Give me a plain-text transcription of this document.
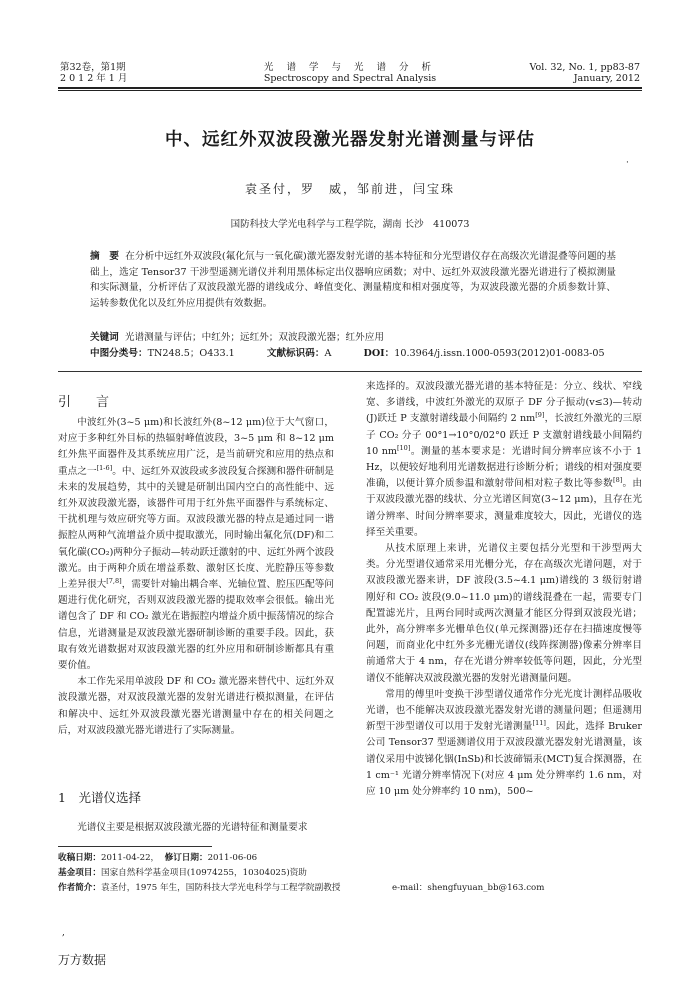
第32卷，第1期
2 0 1 2 年 1 月
光 谱 学 与 光 谱 分 析
Spectroscopy and Spectral Analysis
Vol. 32, No. 1, pp83-87
January, 2012
中、远红外双波段激光器发射光谱测量与评估
·
袁圣付，罗　威，邹前进，闫宝珠
国防科技大学光电科学与工程学院，湖南 长沙　410073
摘　要 在分析中远红外双波段(氟化氘与一氧化碳)激光器发射光谱的基本特征和分光型谱仪存在高级次光谱混叠等问题的基础上，选定 Tensor37 干涉型遥测光谱仪并利用黑体标定出仪器响应函数；对中、远红外双波段激光器光谱进行了模拟测量和实际测量，分析评估了双波段激光器的谱线成分、峰值变化、测量精度和相对强度等，为双波段激光器的介质参数计算、运转参数优化以及红外应用提供有效数据。
关键词 光谱测量与评估；中红外；远红外；双波段激光器；红外应用
中图分类号：TN248.5；O433.1	文献标识码：A	DOI：10.3964/j.issn.1000-0593(2012)01-0083-05
引　言

中波红外(3~5 μm)和长波红外(8~12 μm)位于大气窗口，对应于多种红外目标的热辐射峰值波段，3~5 μm 和 8~12 μm 红外焦平面器件及其系统应用广泛，是当前研究和应用的热点和重点之一[1-6]。中、远红外双波段或多波段复合探测和器件研制是未来的发展趋势，其中的关键是研制出国内空白的高性能中、远红外双波段激光器，该器件可用于红外焦平面器件与系统标定、干扰机理与效应研究等方面。双波段激光器的特点是通过同一谐振腔从两种气流增益介质中提取激光，同时输出氟化氘(DF)和二氧化碳(CO₂)两种分子振动—转动跃迁激射的中、远红外两个波段激光。由于两种介质在增益系数、激射区长度、光腔静压等参数上差异很大[7,8]，需要针对输出耦合率、光轴位置、腔压匹配等问题进行优化研究，否则双波段激光器的提取效率会很低。输出光谱包含了 DF 和 CO₂ 激光在谐振腔内增益介质中振荡情况的综合信息，光谱测量是双波段激光器研制诊断的重要手段。因此，获取有效光谱数据对双波段激光器的红外应用和研制诊断都具有重要价值。

本工作先采用单波段 DF 和 CO₂ 激光器来替代中、远红外双波段激光器，对双波段激光器的发射光谱进行模拟测量，在评估和解决中、远红外双波段激光器光谱测量中存在的相关问题之后，对双波段激光器光谱进行了实际测量。

1　光谱仪选择

光谱仪主要是根据双波段激光器的光谱特征和测量要求

来选择的。双波段激光器光谱的基本特征是：分立、线状、窄线宽、多谱线，中波红外激光的双原子 DF 分子振动(v≤3)—转动(J)跃迁 P 支激射谱线最小间隔约 2 nm[9]，长波红外激光的三原子 CO₂ 分子 00°1→10°0/02°0 跃迁 P 支激射谱线最小间隔约 10 nm[10]。测量的基本要求是：光谱时间分辨率应该不小于 1 Hz，以便较好地利用光谱数据进行诊断分析；谱线的相对强度要准确，以便计算介质参温和激射带间相对粒子数比等参数[8]。由于双波段激光器的线状、分立光谱区间宽(3~12 μm)，且存在光谱分辨率、时间分辨率要求，测量难度较大，因此，光谱仪的选择至关重要。

从技术原理上来讲，光谱仪主要包括分光型和干涉型两大类。分光型谱仪通常采用光栅分光，存在高级次光谱问题，对于双波段激光器来讲，DF 波段(3.5~4.1 μm)谱线的 3 级衍射谱刚好和 CO₂ 波段(9.0~11.0 μm)的谱线混叠在一起，需要专门配置滤光片，且两台同时或两次测量才能区分得到双波段光谱；此外，高分辨率多光栅单色仪(单元探测器)还存在扫描速度慢等问题，而商业化中红外多光栅光谱仪(线阵探测器)像素分辨率目前通常大于 4 nm，存在光谱分辨率较低等问题，因此，分光型谱仪不能解决双波段激光器的发射光谱测量问题。

常用的傅里叶变换干涉型谱仪通常作分光光度计测样品吸收光谱，也不能解决双波段激光器发射光谱的测量问题；但遥测用新型干涉型谱仪可以用于发射光谱测量[11]。因此，选择 Bruker 公司 Tensor37 型遥测谱仪用于双波段激光器发射光谱测量，该谱仪采用中波锑化铟(InSb)和长波碲镉汞(MCT)复合探测器，在 1 cm⁻¹ 光谱分辨率情况下(对应 4 μm 处分辨率约 1.6 nm，对应 10 μm 处分辨率约 10 nm)，500~

收稿日期：2011-04-22， 修订日期：2011-06-06
基金项目：国家自然科学基金项目(10974255，10304025)资助
作者简介：袁圣付，1975 年生，国防科技大学光电科学与工程学院副教授	e-mail：shengfuyuan_bb@163.com
,
万方数据
